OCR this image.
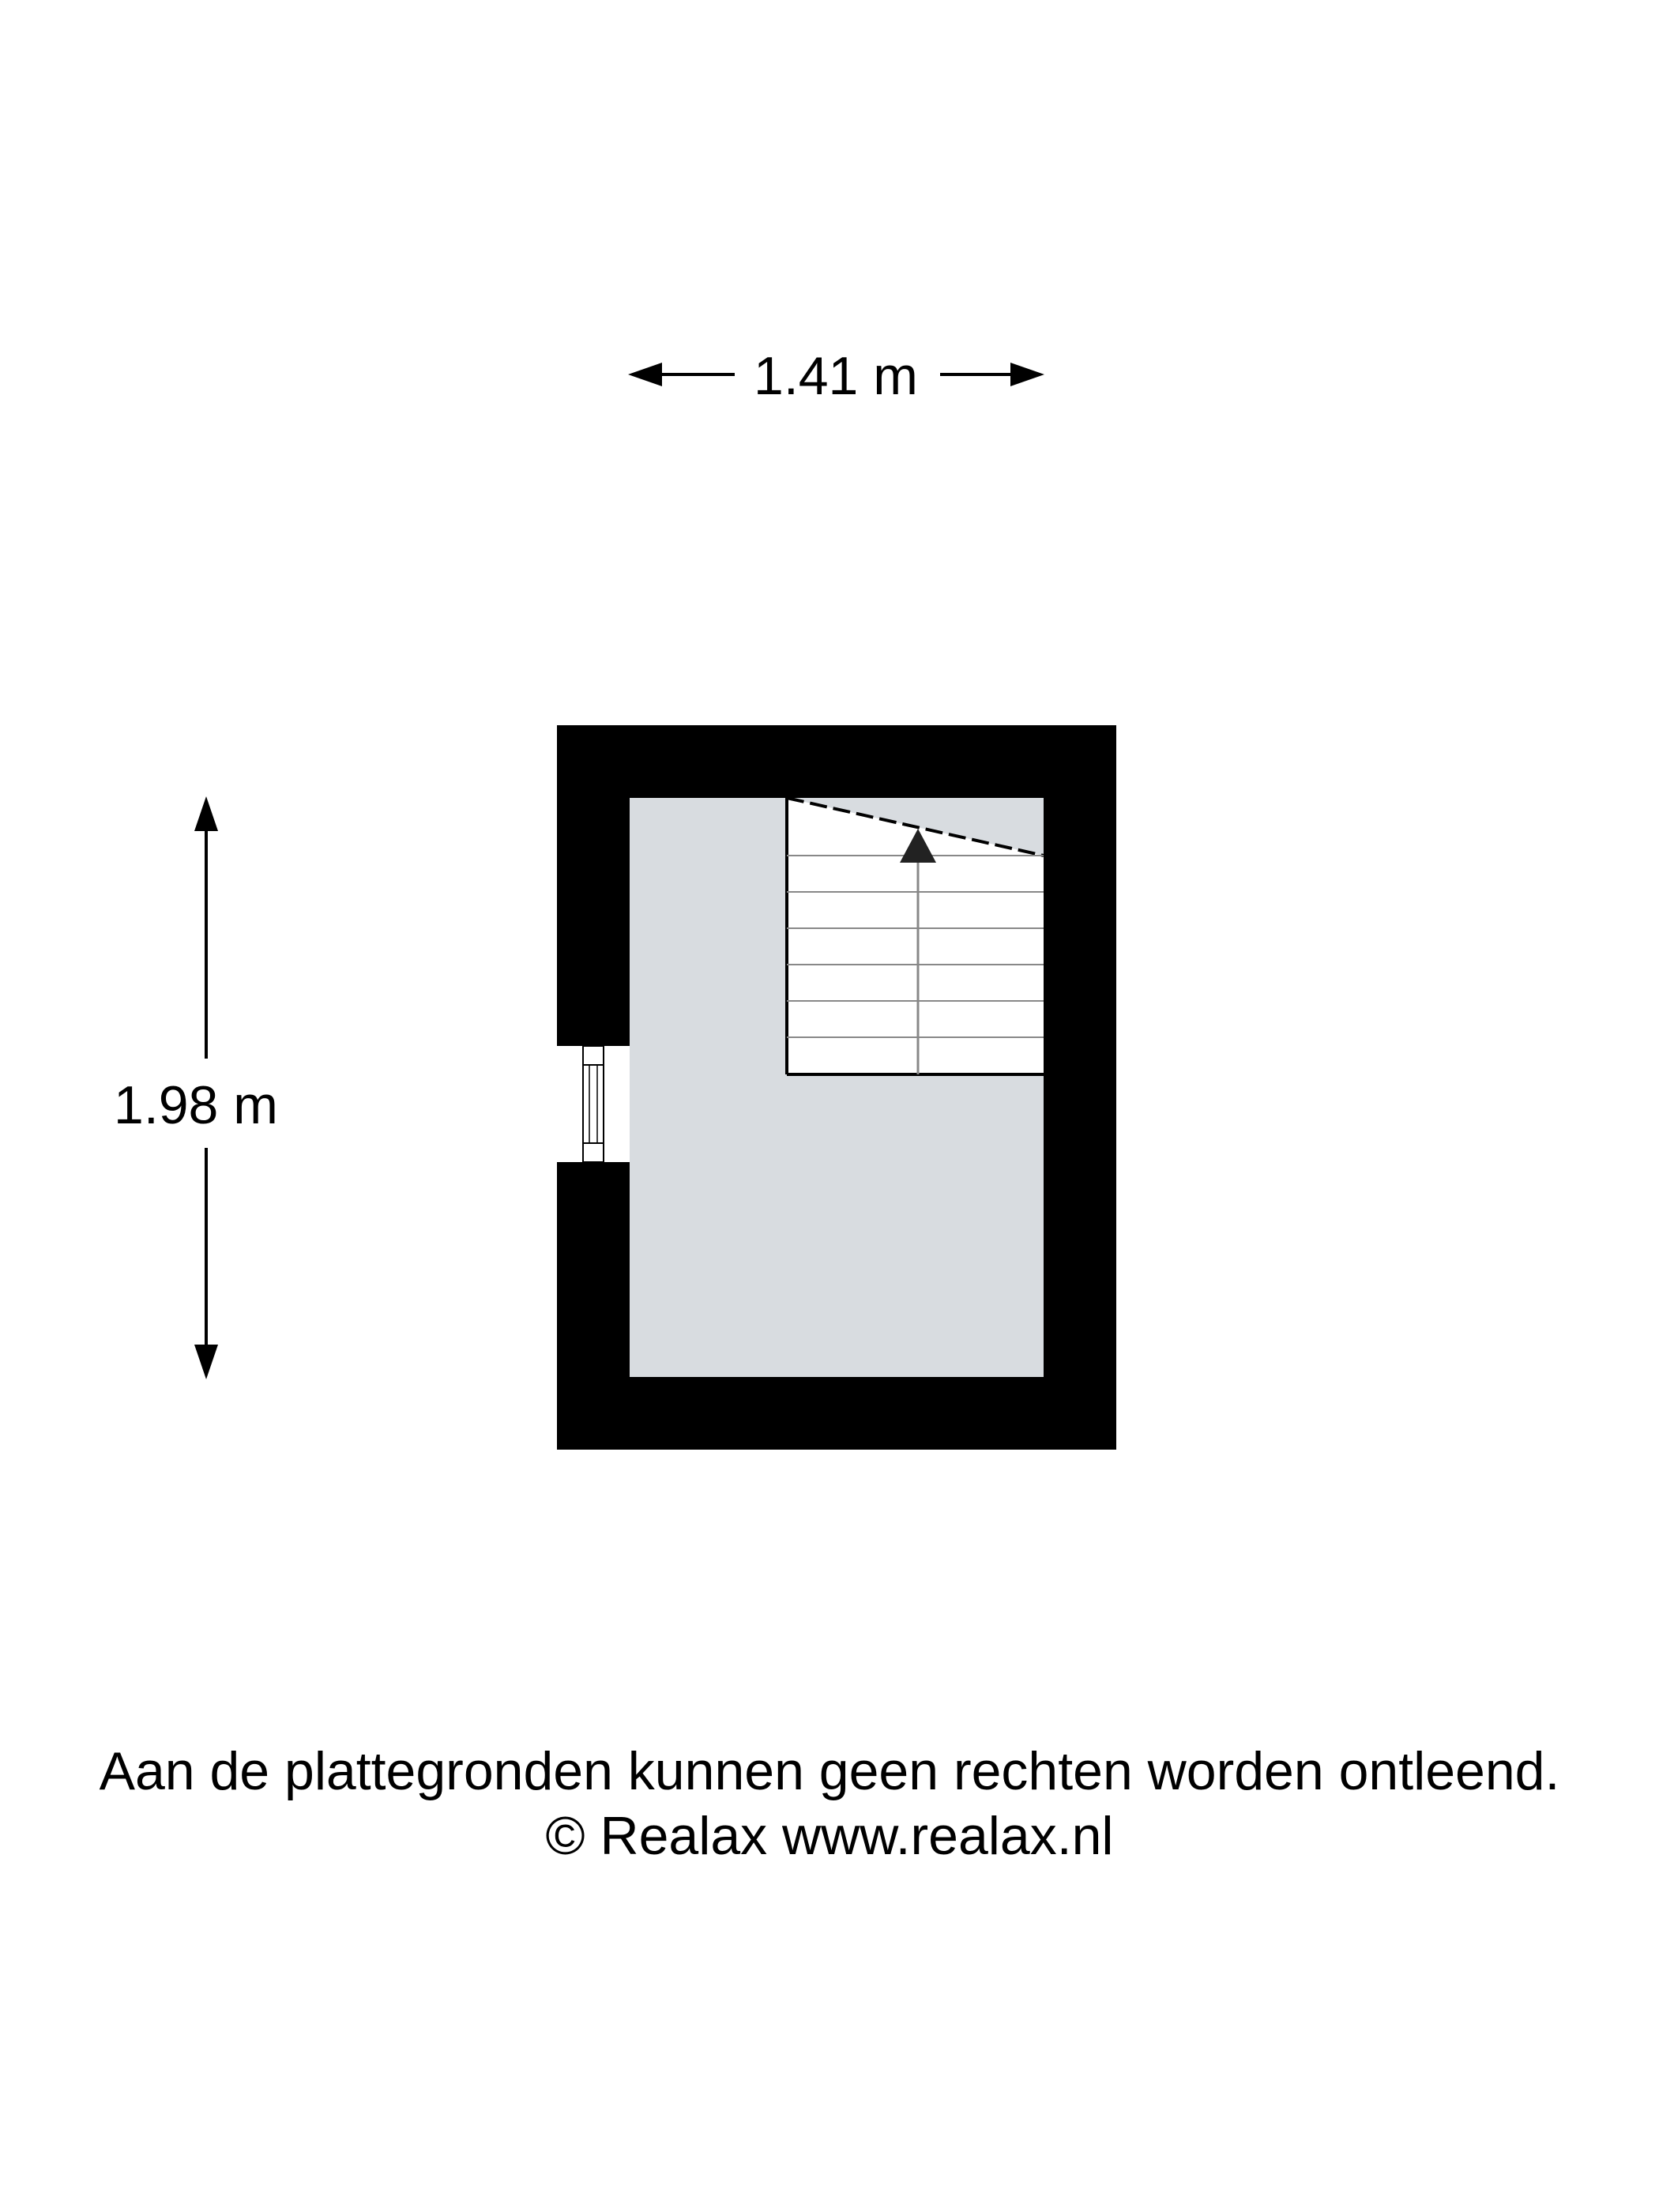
1.41 m
1.98 m
Aan de plattegronden kunnen geen rechten worden ontleend.
© Realax www.realax.nl
